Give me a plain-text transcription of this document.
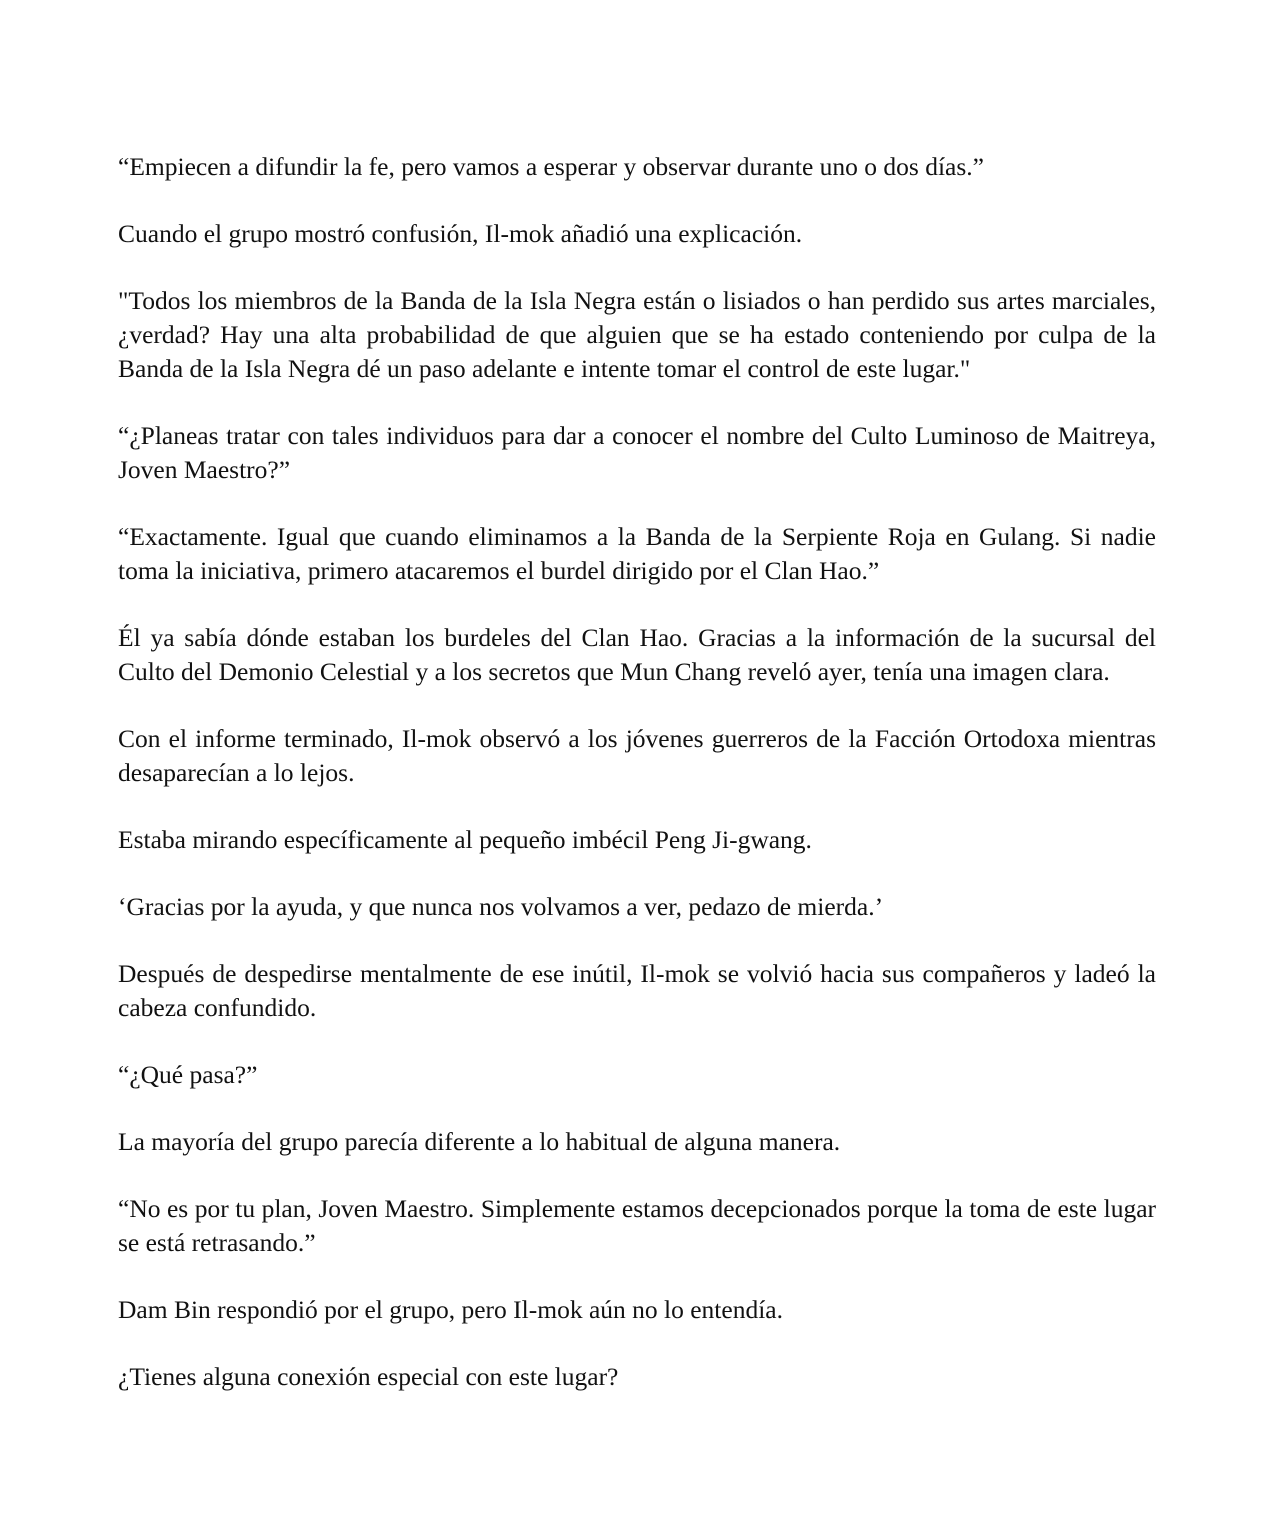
“Empiecen a difundir la fe, pero vamos a esperar y observar durante uno o dos días.”

Cuando el grupo mostró confusión, Il-mok añadió una explicación.

"Todos los miembros de la Banda de la Isla Negra están o lisiados o han perdido sus artes marciales, ¿verdad? Hay una alta probabilidad de que alguien que se ha estado conteniendo por culpa de la Banda de la Isla Negra dé un paso adelante e intente tomar el control de este lugar."

“¿Planeas tratar con tales individuos para dar a conocer el nombre del Culto Luminoso de Maitreya, Joven Maestro?”

“Exactamente. Igual que cuando eliminamos a la Banda de la Serpiente Roja en Gulang. Si nadie toma la iniciativa, primero atacaremos el burdel dirigido por el Clan Hao.”

Él ya sabía dónde estaban los burdeles del Clan Hao. Gracias a la información de la sucursal del Culto del Demonio Celestial y a los secretos que Mun Chang reveló ayer, tenía una imagen clara.

Con el informe terminado, Il-mok observó a los jóvenes guerreros de la Facción Ortodoxa mientras desaparecían a lo lejos.

Estaba mirando específicamente al pequeño imbécil Peng Ji-gwang.

‘Gracias por la ayuda, y que nunca nos volvamos a ver, pedazo de mierda.’

Después de despedirse mentalmente de ese inútil, Il-mok se volvió hacia sus compañeros y ladeó la cabeza confundido.

“¿Qué pasa?”

La mayoría del grupo parecía diferente a lo habitual de alguna manera.

“No es por tu plan, Joven Maestro. Simplemente estamos decepcionados porque la toma de este lugar se está retrasando.”

Dam Bin respondió por el grupo, pero Il-mok aún no lo entendía.

¿Tienes alguna conexión especial con este lugar?
